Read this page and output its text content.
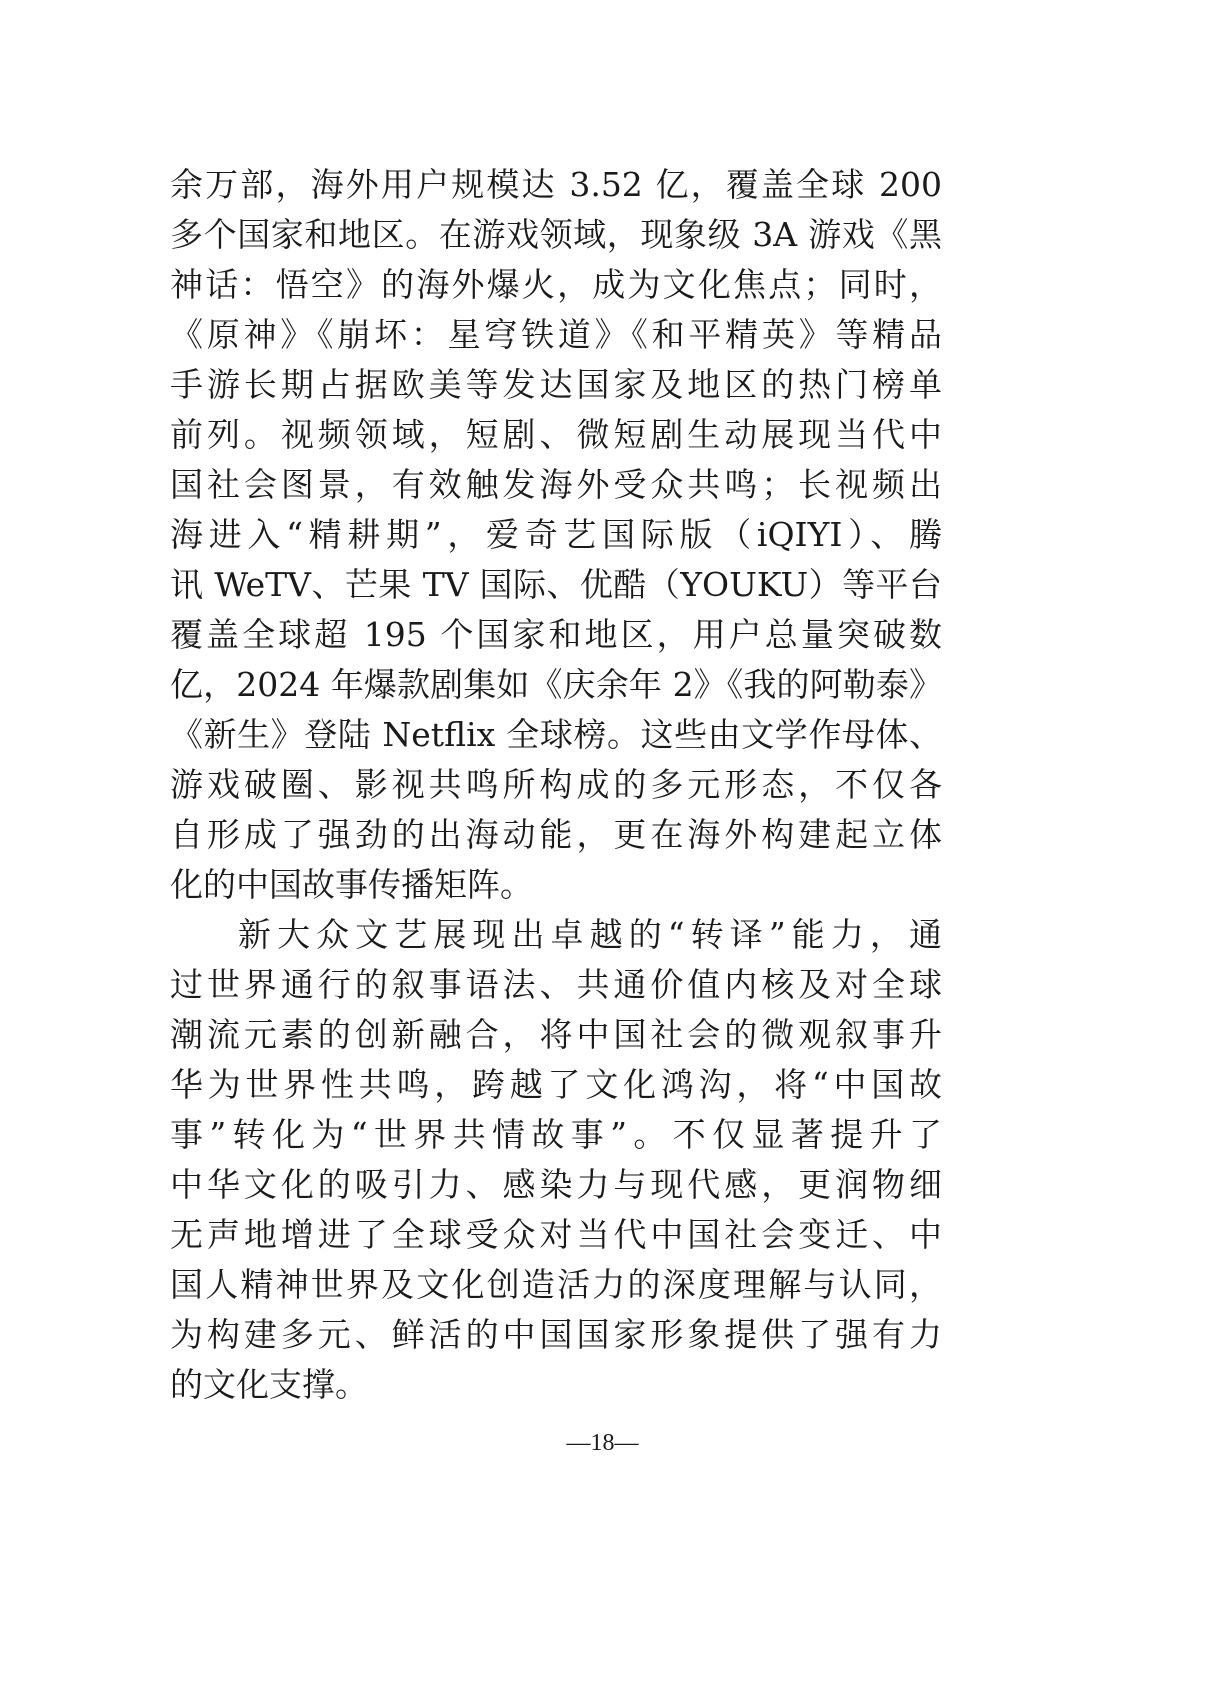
余万部，海外用户规模达 3.52 亿，覆盖全球 200
多个国家和地区。在游戏领域，现象级 3A 游戏《黑
神话：悟空》的海外爆火，成为文化焦点；同时，
《原神》《崩坏：星穹铁道》《和平精英》等精品
手游长期占据欧美等发达国家及地区的热门榜单
前列。视频领域，短剧、微短剧生动展现当代中
国社会图景，有效触发海外受众共鸣；长视频出
海进入“精耕期”，爱奇艺国际版（iQIYI）、腾
讯 WeTV、芒果 TV 国际、优酷（YOUKU）等平台
覆盖全球超 195 个国家和地区，用户总量突破数
亿，2024 年爆款剧集如《庆余年 2》《我的阿勒泰》
《新生》登陆 Netflix 全球榜。这些由文学作母体、
游戏破圈、影视共鸣所构成的多元形态，不仅各
自形成了强劲的出海动能，更在海外构建起立体
化的中国故事传播矩阵。
新大众文艺展现出卓越的“转译”能力，通
过世界通行的叙事语法、共通价值内核及对全球
潮流元素的创新融合，将中国社会的微观叙事升
华为世界性共鸣，跨越了文化鸿沟，将“中国故
事”转化为“世界共情故事”。不仅显著提升了
中华文化的吸引力、感染力与现代感，更润物细
无声地增进了全球受众对当代中国社会变迁、中
国人精神世界及文化创造活力的深度理解与认同，
为构建多元、鲜活的中国国家形象提供了强有力
的文化支撑。
—18—
